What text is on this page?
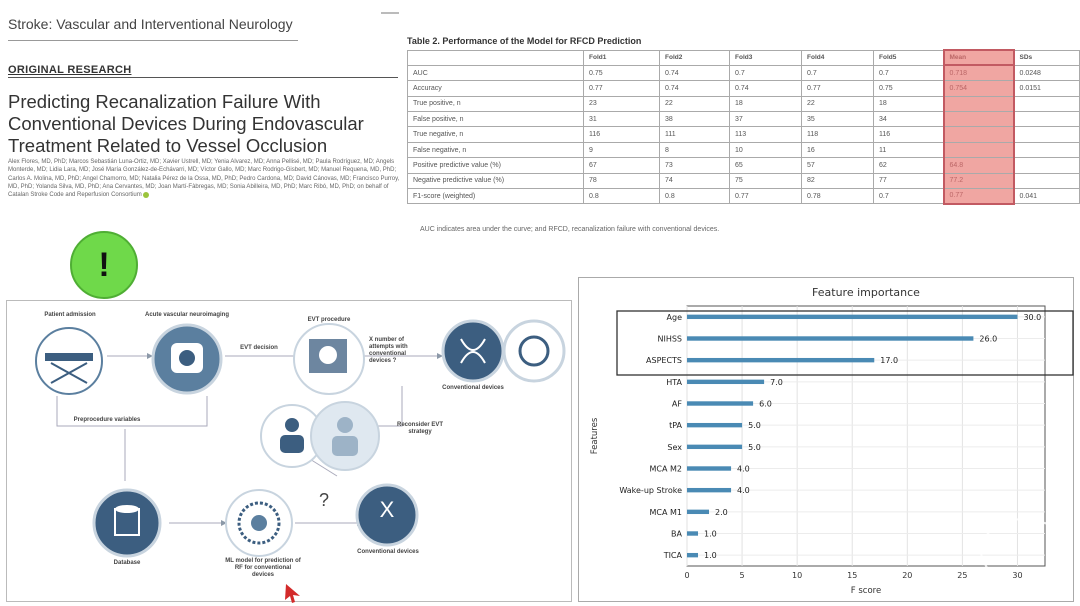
Stroke: Vascular and Interventional Neurology
ORIGINAL RESEARCH
Predicting Recanalization Failure With Conventional Devices During Endovascular Treatment Related to Vessel Occlusion
Alex Flores, MD, PhD; Marcos Sebastián Luna-Ortiz, MD; Xavier Ustrell, MD; Yenia Alvarez, MD; Anna Pellisé, MD; Paula Rodríguez, MD; Angels Monterde, MD; Lidia Lara, MD; José María González-de-Echávarri, MD; Víctor Gallo, MD; Marc Rodrigo-Gisbert, MD; Manuel Requena, MD, PhD; Carlos A. Molina, MD, PhD; Angel Chamorro, MD; Natalia Pérez de la Ossa, MD, PhD; Pedro Cardona, MD; David Cánovas, MD; Francisco Purroy, MD, PhD; Yolanda Silva, MD, PhD; Ana Cervantes, MD; Joan Martí-Fàbregas, MD; Sonia Abilleira, MD, PhD; Marc Ribó, MD, PhD; on behalf of Catalan Stroke Code and Reperfusion Consortium
Table 2. Performance of the Model for RFCD Prediction
	Fold1	Fold2	Fold3	Fold4	Fold5	Mean	SDs
AUC	0.75	0.74	0.7	0.7	0.7	0.718	0.0248
Accuracy	0.77	0.74	0.74	0.77	0.75	0.754	0.0151
True positive, n	23	22	18	22	18		
False positive, n	31	38	37	35	34		
True negative, n	116	111	113	118	116		
False negative, n	9	8	10	16	11		
Positive predictive value (%)	67	73	65	57	62	64.8	
Negative predictive value (%)	78	74	75	82	77	77.2	
F1-score (weighted)	0.8	0.8	0.77	0.78	0.7	0.77	0.041
AUC indicates area under the curve; and RFCD, recanalization failure with conventional devices.
!
Patient admission	Acute vascular neuroimaging
EVT decision
EVT procedure
X number of attempts with conventional devices ?
Conventional devices
Preprocedure variables
Reconsider EVT strategy
Database	ML model for prediction of RF for conventional devices
?	X
Conventional devices
Feature importance
0	5	10	15	20	25	30
Age	30.0
NIHSS	26.0
ASPECTS	17.0
HTA	7.0
AF	6.0
tPA	5.0
Sex	5.0
MCA M2	4.0
Wake-up Stroke	4.0
MCA M1	2.0
BA	1.0
TICA	1.0
F score
Features
